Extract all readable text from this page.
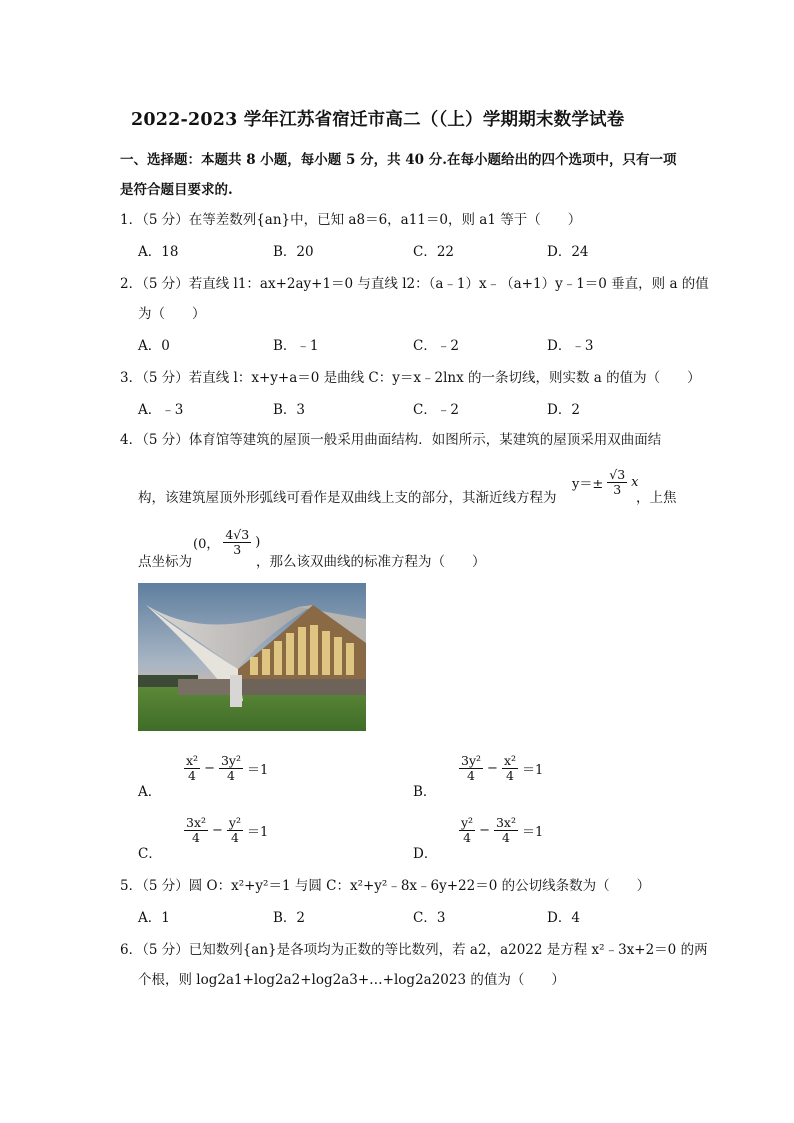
2022-2023 学年江苏省宿迁市高二（（上）学期期末数学试卷
一、选择题：本题共 8 小题，每小题 5 分，共 40 分.在每小题给出的四个选项中，只有一项
是符合题目要求的.
1．（5 分）在等差数列{an}中，已知 a8＝6，a11＝0，则 a1 等于（　　）
A．18	B．20	C．22	D．24
2．（5 分）若直线 l1：ax+2ay+1＝0 与直线 l2：（a﹣1）x﹣（a+1）y﹣1＝0 垂直，则 a 的值
为（　　）
A．0	B．﹣1	C．﹣2	D．﹣3
3．（5 分）若直线 l：x+y+a＝0 是曲线 C：y＝x﹣2lnx 的一条切线，则实数 a 的值为（　　）
A．﹣3	B．3	C．﹣2	D．2
4．（5 分）体育馆等建筑的屋顶一般采用曲面结构．如图所示，某建筑的屋顶采用双曲面结
构，该建筑屋顶外形弧线可看作是双曲线上支的部分，其渐近线方程为
$y=\pm \frac{√3}{3}$ x
，上焦
点坐标为
(0， $\frac{4√3}{3}$ )
，那么该双曲线的标准方程为（　　）
A．
$\frac{\text{x²}}{4} - \frac{\text{3y²}}{4} =1$
B．
$\frac{\text{3y²}}{4} - \frac{\text{x²}}{4} =1$
C．
$\frac{\text{3x²}}{4} - \frac{\text{y²}}{4} =1$
D．
$\frac{\text{y²}}{4} - \frac{\text{3x²}}{4} =1$
5．（5 分）圆 O：x²+y²＝1 与圆 C：x²+y²﹣8x﹣6y+22＝0 的公切线条数为（　　）
A．1	B．2	C．3	D．4
6．（5 分）已知数列{an}是各项均为正数的等比数列，若 a2，a2022 是方程 x²﹣3x+2＝0 的两
个根，则 log2a1+log2a2+log2a3+…+log2a2023 的值为（　　）
